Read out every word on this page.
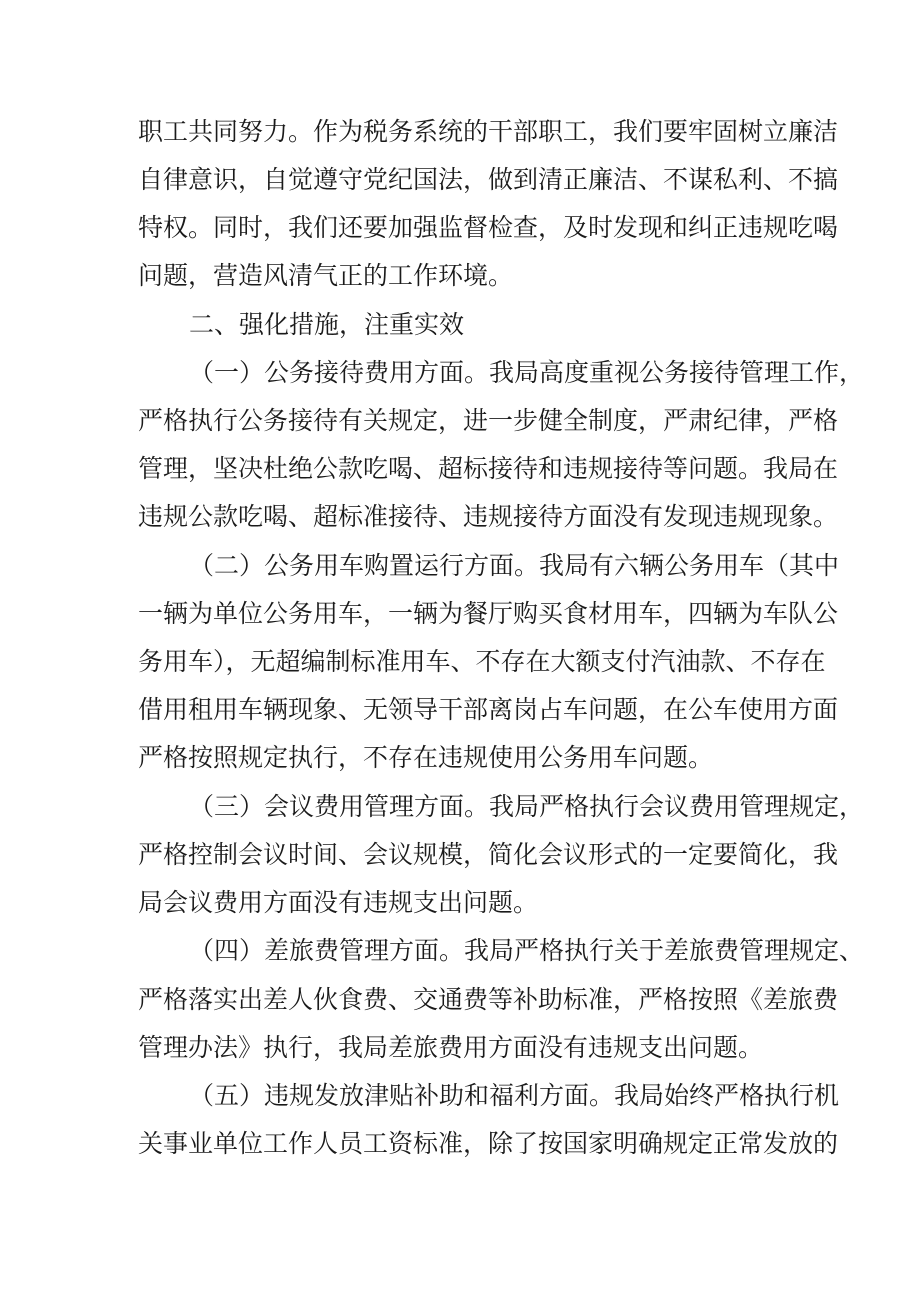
职工共同努力。作为税务系统的干部职工，我们要牢固树立廉洁
自律意识，自觉遵守党纪国法，做到清正廉洁、不谋私利、不搞
特权。同时，我们还要加强监督检查，及时发现和纠正违规吃喝
问题，营造风清气正的工作环境。
二、强化措施，注重实效
（一）公务接待费用方面。我局高度重视公务接待管理工作，
严格执行公务接待有关规定，进一步健全制度，严肃纪律，严格
管理，坚决杜绝公款吃喝、超标接待和违规接待等问题。我局在
违规公款吃喝、超标准接待、违规接待方面没有发现违规现象。
（二）公务用车购置运行方面。我局有六辆公务用车（其中
一辆为单位公务用车，一辆为餐厅购买食材用车，四辆为车队公
务用车），无超编制标准用车、不存在大额支付汽油款、不存在
借用租用车辆现象、无领导干部离岗占车问题，在公车使用方面
严格按照规定执行，不存在违规使用公务用车问题。
（三）会议费用管理方面。我局严格执行会议费用管理规定，
严格控制会议时间、会议规模，简化会议形式的一定要简化，我
局会议费用方面没有违规支出问题。
（四）差旅费管理方面。我局严格执行关于差旅费管理规定、
严格落实出差人伙食费、交通费等补助标准，严格按照《差旅费
管理办法》执行，我局差旅费用方面没有违规支出问题。
（五）违规发放津贴补助和福利方面。我局始终严格执行机
关事业单位工作人员工资标准，除了按国家明确规定正常发放的
